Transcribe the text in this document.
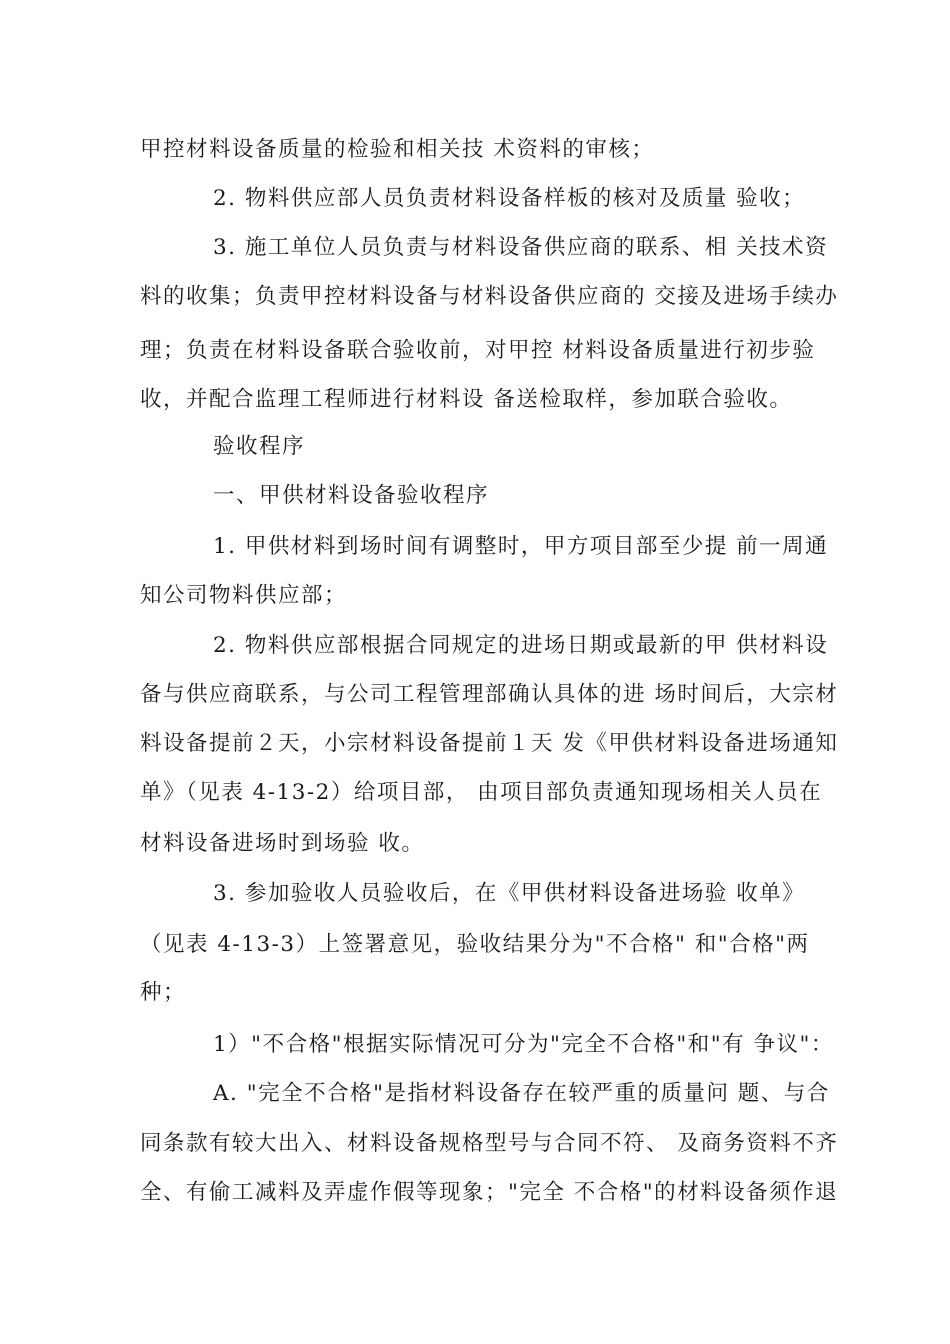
甲控材料设备质量的检验和相关技 术资料的审核；
2. 物料供应部人员负责材料设备样板的核对及质量 验收；
3. 施工单位人员负责与材料设备供应商的联系、相 关技术资
料的收集；负责甲控材料设备与材料设备供应商的 交接及进场手续办
理；负责在材料设备联合验收前，对甲控 材料设备质量进行初步验
收，并配合监理工程师进行材料设 备送检取样，参加联合验收。
验收程序
一、甲供材料设备验收程序
1. 甲供材料到场时间有调整时，甲方项目部至少提 前一周通
知公司物料供应部；
2. 物料供应部根据合同规定的进场日期或最新的甲 供材料设
备与供应商联系，与公司工程管理部确认具体的进 场时间后，大宗材
料设备提前２天，小宗材料设备提前１天 发《甲供材料设备进场通知
单》（见表 4-13-2）给项目部， 由项目部负责通知现场相关人员在
材料设备进场时到场验 收。
3. 参加验收人员验收后，在《甲供材料设备进场验 收单》
（见表 4-13-3）上签署意见，验收结果分为"不合格" 和"合格"两
种；
1）"不合格"根据实际情况可分为"完全不合格"和"有 争议"：
A. "完全不合格"是指材料设备存在较严重的质量问 题、与合
同条款有较大出入、材料设备规格型号与合同不符、 及商务资料不齐
全、有偷工减料及弄虚作假等现象；"完全 不合格"的材料设备须作退
